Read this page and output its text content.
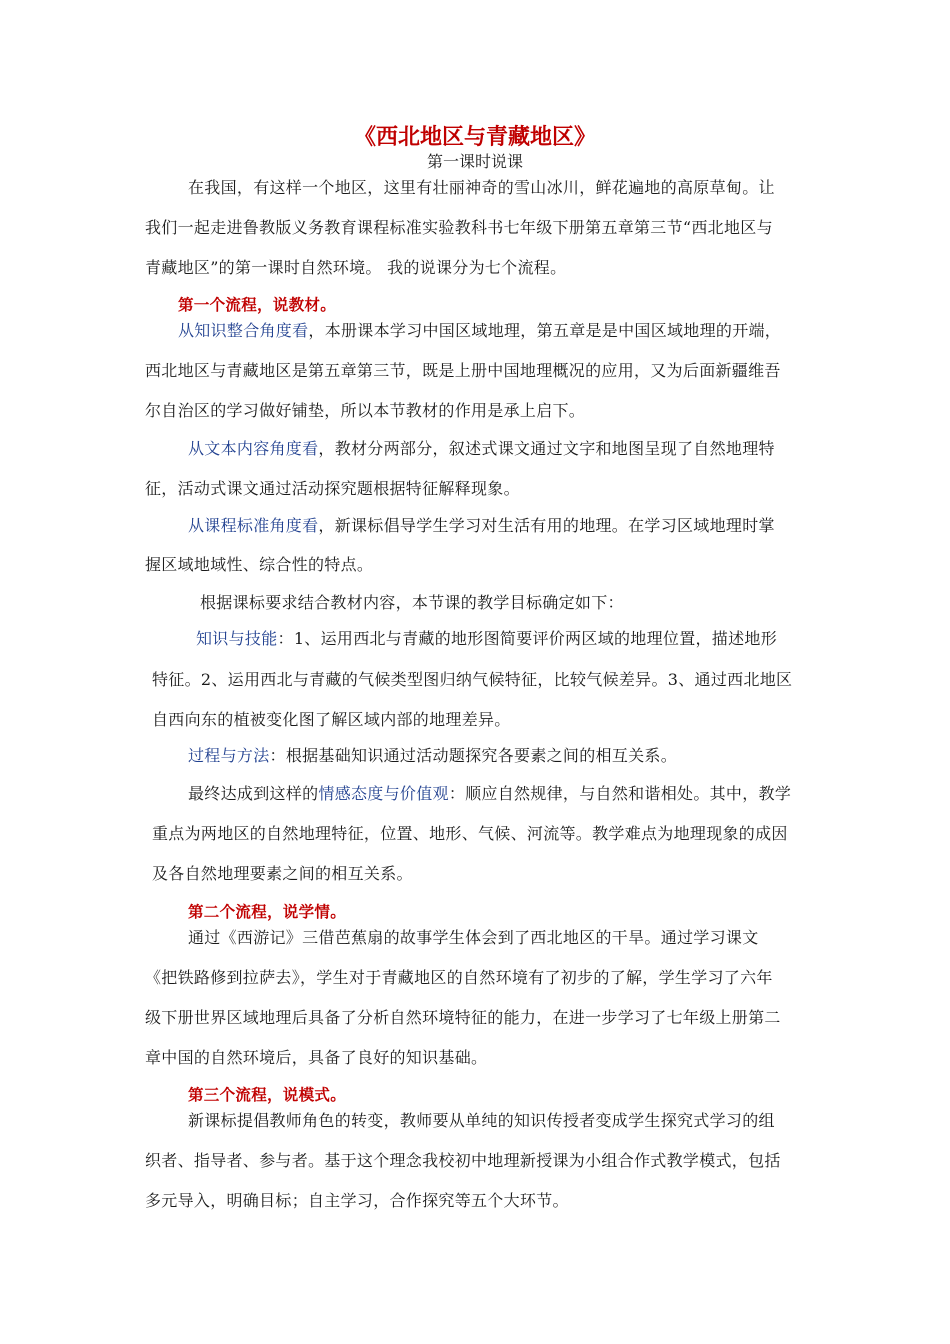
《西北地区与青藏地区》
第一课时说课
在我国，有这样一个地区，这里有壮丽神奇的雪山冰川，鲜花遍地的高原草甸。让
我们一起走进鲁教版义务教育课程标准实验教科书七年级下册第五章第三节“西北地区与
青藏地区”的第一课时自然环境。 我的说课分为七个流程。
第一个流程，说教材。
从知识整合角度看，本册课本学习中国区域地理，第五章是是中国区域地理的开端，
西北地区与青藏地区是第五章第三节，既是上册中国地理概况的应用，又为后面新疆维吾
尔自治区的学习做好铺垫，所以本节教材的作用是承上启下。
从文本内容角度看，教材分两部分，叙述式课文通过文字和地图呈现了自然地理特
征，活动式课文通过活动探究题根据特征解释现象。
从课程标准角度看，新课标倡导学生学习对生活有用的地理。在学习区域地理时掌
握区域地域性、综合性的特点。
根据课标要求结合教材内容，本节课的教学目标确定如下：
知识与技能：1、运用西北与青藏的地形图简要评价两区域的地理位置，描述地形
特征。2、运用西北与青藏的气候类型图归纳气候特征，比较气候差异。3、通过西北地区
自西向东的植被变化图了解区域内部的地理差异。
过程与方法：根据基础知识通过活动题探究各要素之间的相互关系。
最终达成到这样的情感态度与价值观：顺应自然规律，与自然和谐相处。其中，教学
重点为两地区的自然地理特征，位置、地形、气候、河流等。教学难点为地理现象的成因
及各自然地理要素之间的相互关系。
第二个流程，说学情。
通过《西游记》三借芭蕉扇的故事学生体会到了西北地区的干旱。通过学习课文
《把铁路修到拉萨去》，学生对于青藏地区的自然环境有了初步的了解，学生学习了六年
级下册世界区域地理后具备了分析自然环境特征的能力，在进一步学习了七年级上册第二
章中国的自然环境后，具备了良好的知识基础。
第三个流程，说模式。
新课标提倡教师角色的转变，教师要从单纯的知识传授者变成学生探究式学习的组
织者、指导者、参与者。基于这个理念我校初中地理新授课为小组合作式教学模式，包括
多元导入，明确目标；自主学习，合作探究等五个大环节。
